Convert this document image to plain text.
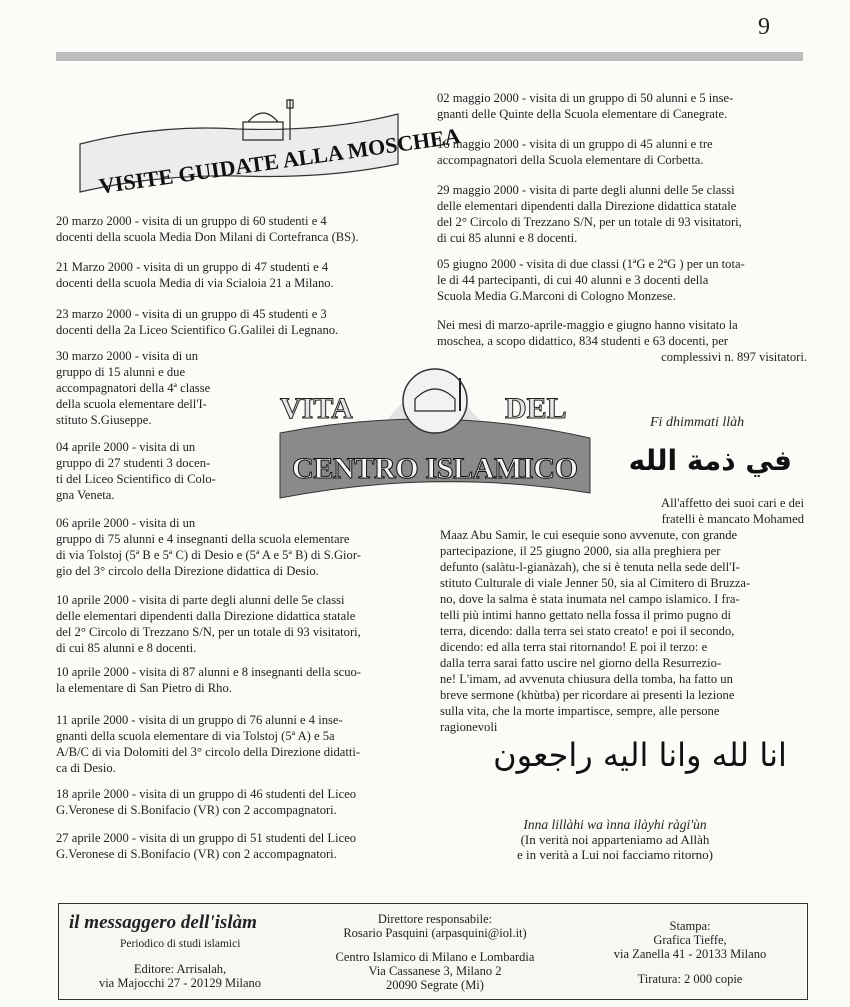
9
VISITE GUIDATE ALLA MOSCHEA
20 marzo 2000 - visita di un gruppo di 60 studenti e 4
docenti della scuola Media Don Milani di Cortefranca (BS).
21 Marzo 2000 - visita di un gruppo di 47 studenti e 4
docenti della scuola Media di via Scialoia 21 a Milano.
23 marzo 2000 - visita di un gruppo di 45 studenti e 3
docenti della 2a Liceo Scientifico G.Galilei di Legnano.
30 marzo 2000 - visita di un
gruppo di 15 alunni e due
accompagnatori della 4ª classe
della scuola elementare dell'I-
stituto S.Giuseppe.
04 aprile 2000 - visita di un
gruppo di 27 studenti 3 docen-
ti del Liceo Scientifico di Colo-
gna Veneta.
06 aprile 2000 - visita di un
gruppo di 75 alunni e 4 insegnanti della scuola elementare
di via Tolstoj (5ª B e 5ª C) di Desio e (5ª A e 5ª B) di S.Gior-
gio del 3° circolo della Direzione didattica di Desio.
10 aprile 2000 - visita di parte degli alunni delle 5e classi
delle elementari dipendenti dalla Direzione didattica statale
del 2° Circolo di Trezzano S/N, per un totale di 93 visitatori,
di cui 85 alunni e 8 docenti.
10 aprile 2000 - visita di 87 alunni e 8 insegnanti della scuo-
la elementare di San Pietro di Rho.
11 aprile 2000 - visita di un gruppo di 76 alunni e 4 inse-
gnanti della scuola elementare di via Tolstoj (5ª A) e 5a
A/B/C di via Dolomiti del 3° circolo della Direzione didatti-
ca di Desio.
18 aprile 2000 - visita di un gruppo di 46 studenti del Liceo
G.Veronese di S.Bonifacio (VR) con 2 accompagnatori.
27 aprile 2000 - visita di un gruppo di 51 studenti del Liceo
G.Veronese di S.Bonifacio (VR) con 2 accompagnatori.
02 maggio 2000 - visita di un gruppo di 50 alunni e 5 inse-
gnanti delle Quinte della Scuola elementare di Canegrate.
16 maggio 2000 - visita di un gruppo di 45 alunni e tre
accompagnatori della Scuola elementare di Corbetta.
29 maggio 2000 - visita di parte degli alunni delle 5e classi
delle elementari dipendenti dalla Direzione didattica statale
del 2° Circolo di Trezzano S/N, per un totale di 93 visitatori,
di cui 85 alunni e 8 docenti.
05 giugno 2000 - visita di due classi (1ªG e 2ªG ) per un tota-
le di 44 partecipanti, di cui 40 alunni e 3 docenti della
Scuola Media G.Marconi di Cologno Monzese.
Nei mesi di marzo-aprile-maggio e giugno hanno visitato la
moschea, a scopo didattico, 834 studenti e 63 docenti, per
complessivi n. 897 visitatori.
VITA	DEL
CENTRO ISLAMICO
Fi dhimmati llàh
في ذمة الله
All'affetto dei suoi cari e dei
fratelli è mancato Mohamed
Maaz Abu Samir, le cui esequie sono avvenute, con grande
partecipazione, il 25 giugno 2000, sia alla preghiera per
defunto (salàtu-l-gianàzah), che si è tenuta nella sede dell'I-
stituto Culturale di viale Jenner 50, sia al Cimitero di Bruzza-
no, dove la salma è stata inumata nel campo islamico. I fra-
telli più intimi hanno gettato nella fossa il primo pugno di
terra, dicendo: dalla terra sei stato creato! e poi il secondo,
dicendo: ed alla terra stai ritornando! E poi il terzo: e
dalla terra sarai fatto uscire nel giorno della Resurrezio-
ne! L'imam, ad avvenuta chiusura della tomba, ha fatto un
breve sermone (khùtba) per ricordare ai presenti la lezione
sulla vita, che la morte impartisce, sempre, alle persone
ragionevoli
انا لله وانا اليه راجعون
Inna lillàhi wa ìnna ilàyhi ràgi'ùn
(In verità noi apparteniamo ad Allàh
e in verità a Lui noi facciamo ritorno)
il messaggero dell'islàm
Periodico di studi islamici
Editore: Arrisalah,
via Majocchi 27 - 20129 Milano
Direttore responsabile:
Rosario Pasquini (arpasquini@iol.it)
Centro Islamico di Milano e Lombardia
Via Cassanese 3, Milano 2
20090 Segrate (Mi)
Stampa:
Grafica Tieffe,
via Zanella 41 - 20133 Milano
Tiratura: 2 000 copie
